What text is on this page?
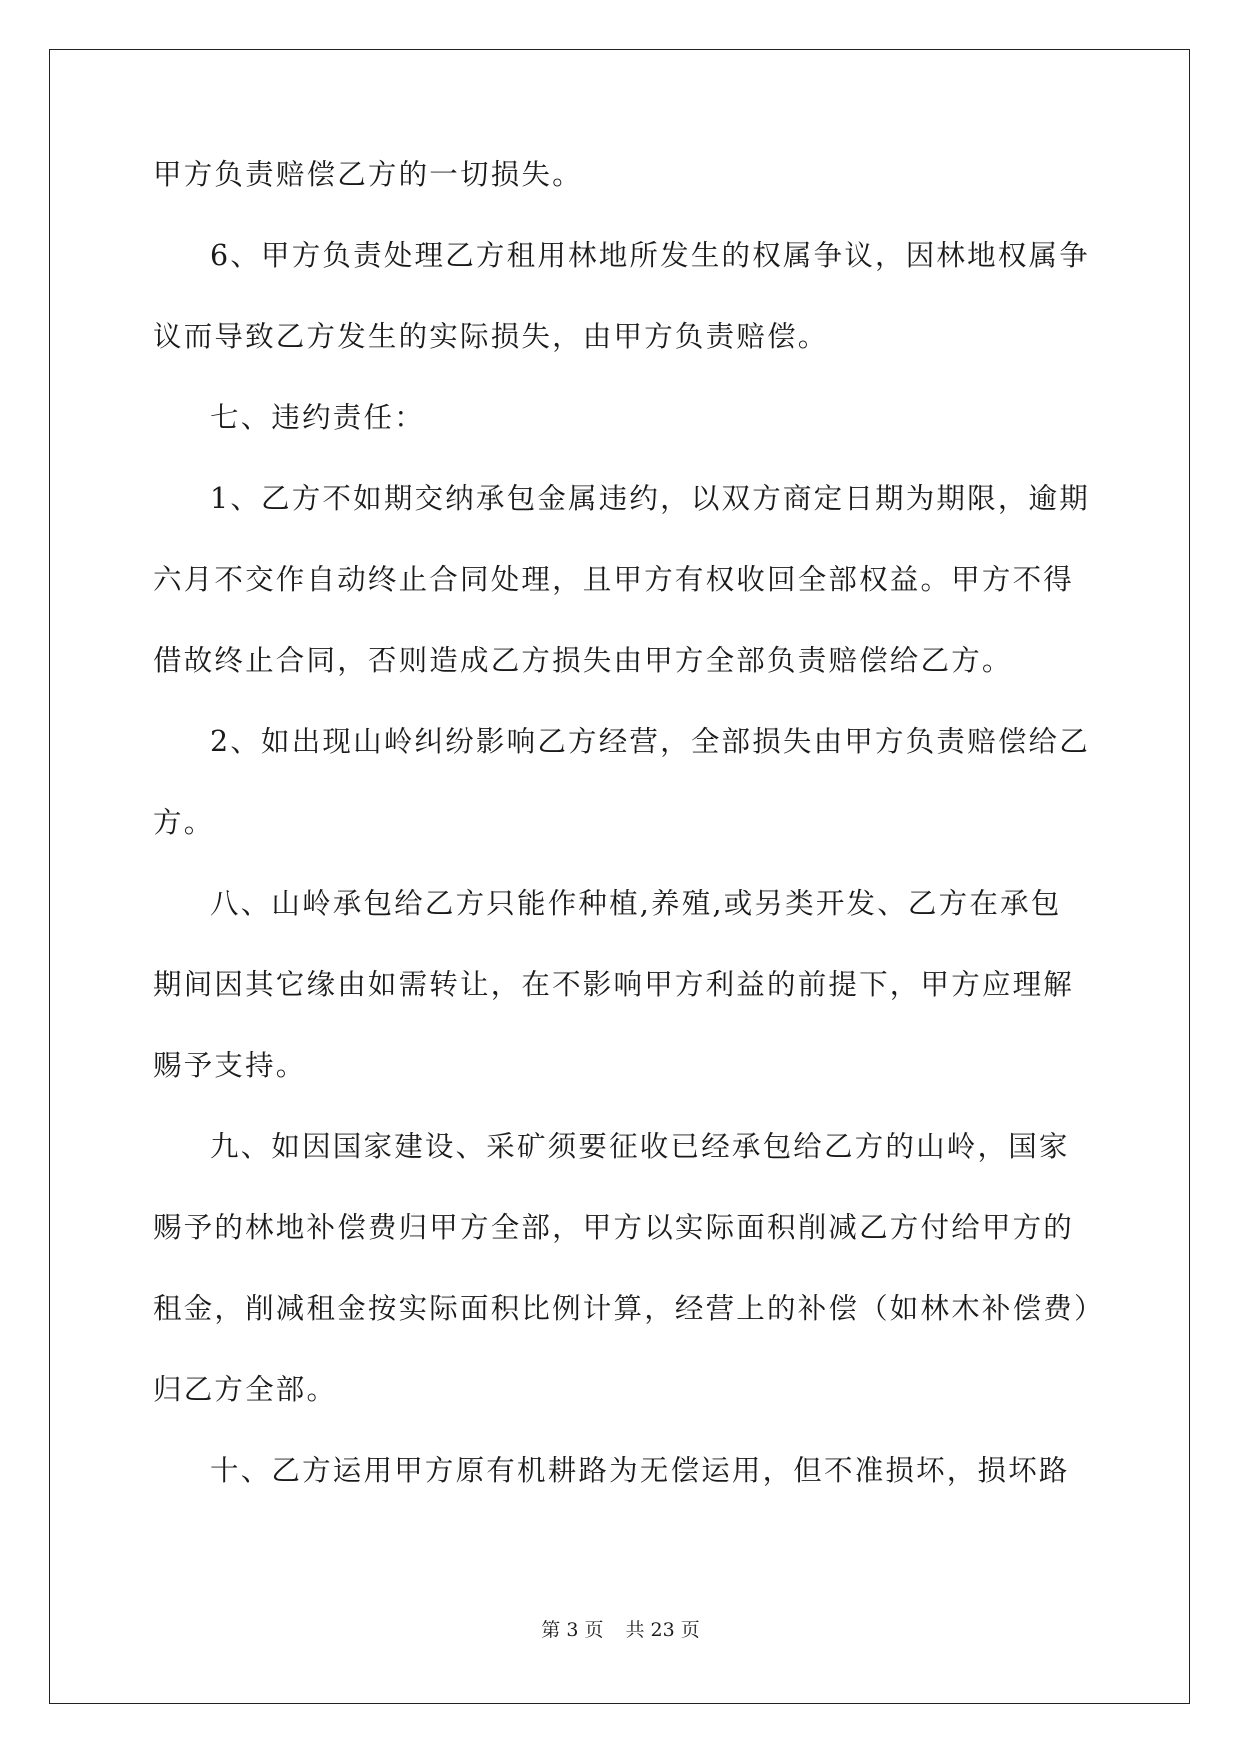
甲方负责赔偿乙方的一切损失。
6、甲方负责处理乙方租用林地所发生的权属争议，因林地权属争
议而导致乙方发生的实际损失，由甲方负责赔偿。
七、违约责任：
1、乙方不如期交纳承包金属违约，以双方商定日期为期限，逾期
六月不交作自动终止合同处理，且甲方有权收回全部权益。甲方不得
借故终止合同，否则造成乙方损失由甲方全部负责赔偿给乙方。
2、如出现山岭纠纷影响乙方经营，全部损失由甲方负责赔偿给乙
方。
八、山岭承包给乙方只能作种植,养殖,或另类开发、乙方在承包
期间因其它缘由如需转让，在不影响甲方利益的前提下，甲方应理解
赐予支持。
九、如因国家建设、采矿须要征收已经承包给乙方的山岭，国家
赐予的林地补偿费归甲方全部，甲方以实际面积削减乙方付给甲方的
租金，削减租金按实际面积比例计算，经营上的补偿（如林木补偿费）
归乙方全部。
十、乙方运用甲方原有机耕路为无偿运用，但不准损坏，损坏路
第 3 页 共 23 页
